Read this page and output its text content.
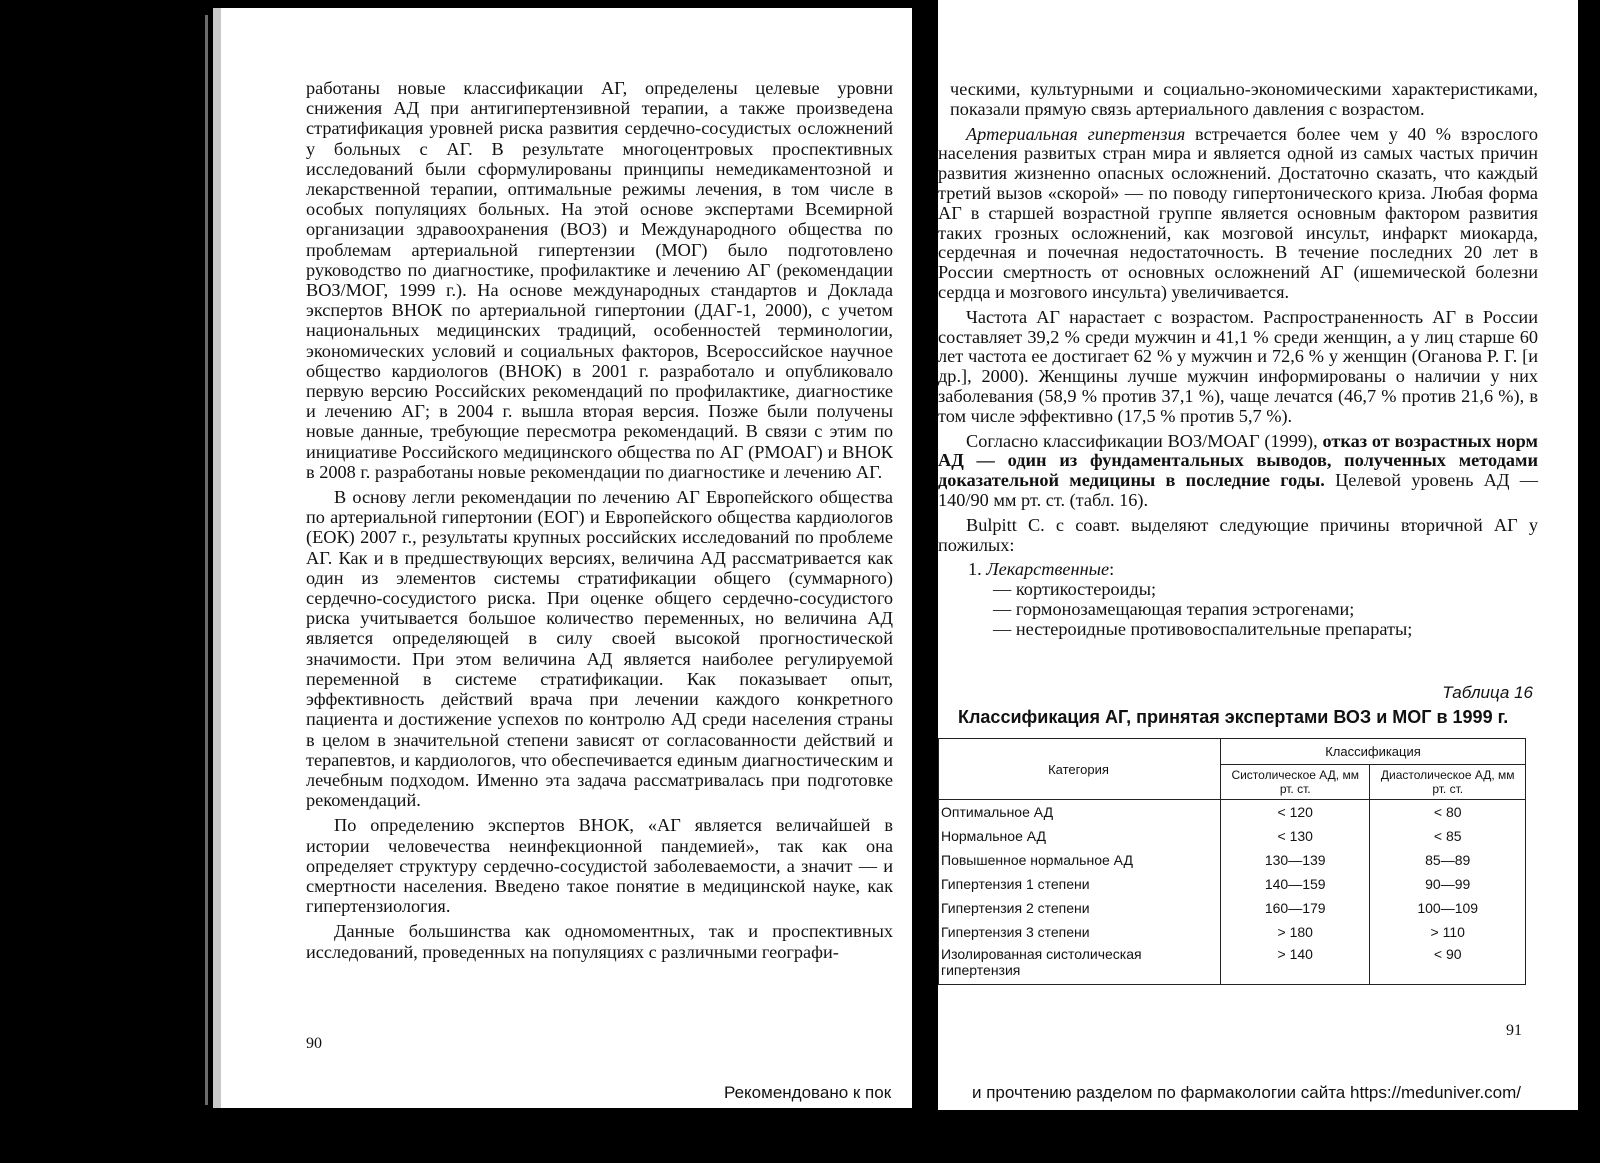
работаны новые классификации АГ, определены целевые уровни снижения АД при антигипертензивной терапии, а также произведена стратификация уровней риска развития сердечно-сосудистых осложнений у больных с АГ. В результате многоцентровых проспективных исследований были сформулированы принципы немедикаментозной и лекарственной терапии, оптимальные режимы лечения, в том числе в особых популяциях больных. На этой основе экспертами Всемирной организации здравоохранения (ВОЗ) и Международного общества по проблемам артериальной гипертензии (МОГ) было подготовлено руководство по диагностике, профилактике и лечению АГ (рекомендации ВОЗ/МОГ, 1999 г.). На основе международных стандартов и Доклада экспертов ВНОК по артериальной гипертонии (ДАГ-1, 2000), с учетом национальных медицинских традиций, особенностей терминологии, экономических условий и социальных факторов, Всероссийское научное общество кардиологов (ВНОК) в 2001 г. разработало и опубликовало первую версию Российских рекомендаций по профилактике, диагностике и лечению АГ; в 2004 г. вышла вторая версия. Позже были получены новые данные, требующие пересмотра рекомендаций. В связи с этим по инициативе Российского медицинского общества по АГ (РМОАГ) и ВНОК в 2008 г. разработаны новые рекомендации по диагностике и лечению АГ.

В основу легли рекомендации по лечению АГ Европейского общества по артериальной гипертонии (ЕОГ) и Европейского общества кардиологов (ЕОК) 2007 г., результаты крупных российских исследований по проблеме АГ. Как и в предшествующих версиях, величина АД рассматривается как один из элементов системы стратификации общего (суммарного) сердечно-сосудистого риска. При оценке общего сердечно-сосудистого риска учитывается большое количество переменных, но величина АД является определяющей в силу своей высокой прогностической значимости. При этом величина АД является наиболее регулируемой переменной в системе стратификации. Как показывает опыт, эффективность действий врача при лечении каждого конкретного пациента и достижение успехов по контролю АД среди населения страны в целом в значительной степени зависят от согласованности действий и терапевтов, и кардиологов, что обеспечивается единым диагностическим и лечебным подходом. Именно эта задача рассматривалась при подготовке рекомендаций.

По определению экспертов ВНОК, «АГ является величайшей в истории человечества неинфекционной пандемией», так как она определяет структуру сердечно-сосудистой заболеваемости, а значит — и смертности населения. Введено такое понятие в медицинской науке, как гипертензиология.

Данные большинства как одномоментных, так и проспективных исследований, проведенных на популяциях с различными географи-

90

ческими, культурными и социально-экономическими характеристиками, показали прямую связь артериального давления с возрастом.

Артериальная гипертензия встречается более чем у 40 % взрослого населения развитых стран мира и является одной из самых частых причин развития жизненно опасных осложнений. Достаточно сказать, что каждый третий вызов «скорой» — по поводу гипертонического криза. Любая форма АГ в старшей возрастной группе является основным фактором развития таких грозных осложнений, как мозговой инсульт, инфаркт миокарда, сердечная и почечная недостаточность. В течение последних 20 лет в России смертность от основных осложнений АГ (ишемической болезни сердца и мозгового инсульта) увеличивается.

Частота АГ нарастает с возрастом. Распространенность АГ в России составляет 39,2 % среди мужчин и 41,1 % среди женщин, а у лиц старше 60 лет частота ее достигает 62 % у мужчин и 72,6 % у женщин (Оганова Р. Г. [и др.], 2000). Женщины лучше мужчин информированы о наличии у них заболевания (58,9 % против 37,1 %), чаще лечатся (46,7 % против 21,6 %), в том числе эффективно (17,5 % против 5,7 %).

Согласно классификации ВОЗ/МОАГ (1999), отказ от возрастных норм АД — один из фундаментальных выводов, полученных методами доказательной медицины в последние годы. Целевой уровень АД — 140/90 мм рт. ст. (табл. 16).

Bulpitt C. с соавт. выделяют следующие причины вторичной АГ у пожилых:

1. Лекарственные:
— кортикостероиды;
— гормонозамещающая терапия эстрогенами;
— нестероидные противовоспалительные препараты;
Таблица 16
Классификация АГ, принятая экспертами ВОЗ и МОГ в 1999 г.
Категория	Классификация	
	Систолическое АД, мм рт. ст.	Диастолическое АД, мм рт. ст.
Оптимальное АД	< 120	< 80
Нормальное АД	< 130	< 85
Повышенное нормальное АД	130—139	85—89
Гипертензия 1 степени	140—159	90—99
Гипертензия 2 степени	160—179	100—109
Гипертензия 3 степени	> 180	> 110
Изолированная систолическая гипертензия	> 140	< 90
91
Рекомендовано к пок	и прочтению разделом по фармакологии сайта https://meduniver.com/
